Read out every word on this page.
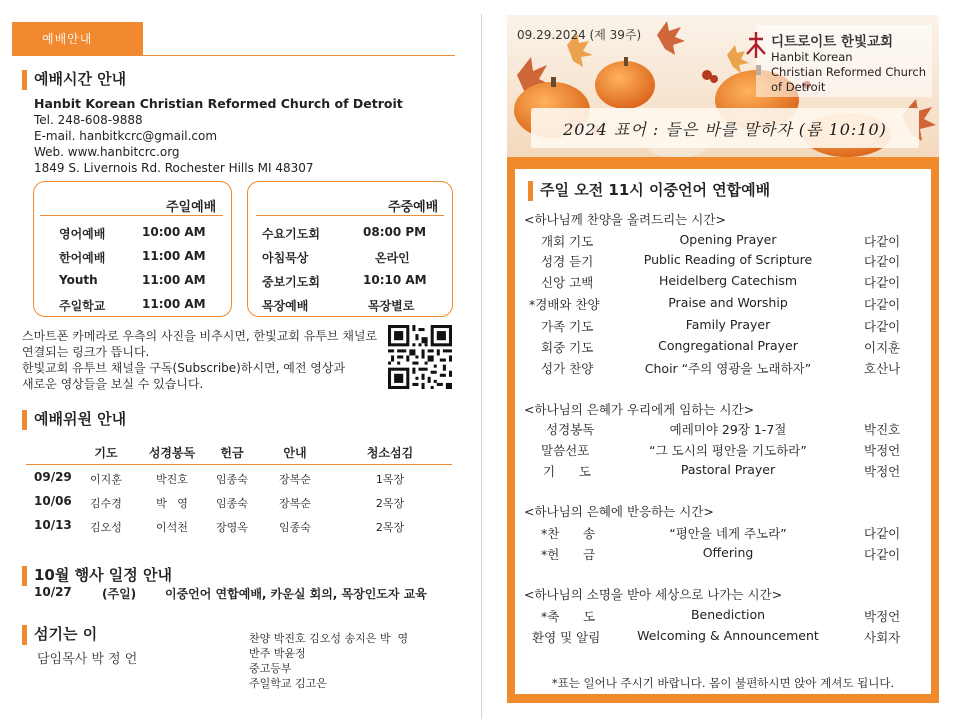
예배안내
예배시간 안내
Hanbit Korean Christian Reformed Church of Detroit
Tel. 248-608-9888
E-mail. hanbitkcrc@gmail.com
Web. www.hanbitcrc.org
1849 S. Livernois Rd. Rochester Hills MI 48307
주일예배
영어예배	10:00 AM
한어예배	11:00 AM
Youth	11:00 AM
주일학교	11:00 AM
주중예배
수요기도회	08:00 PM
아침묵상	온라인
중보기도회	10:10 AM
목장예배	목장별로
스마트폰 카메라로 우측의 사진을 비추시면, 한빛교회 유투브 채널로
연결되는 링크가 뜹니다.
한빛교회 유투브 채널을 구독(Subscribe)하시면, 예전 영상과
새로운 영상들을 보실 수 있습니다.
예배위원 안내
기도	성경봉독	헌금	안내	청소섬김
09/29	이지훈	박진호	임종숙	장복순	1목장
10/06	김수경	박   영	임종숙	장복순	2목장
10/13	김오성	이석천	장영옥	임종숙	2목장
10월 행사 일정 안내
10/27	(주일) 이중언어 연합예배, 카운실 회의, 목장인도자 교육
섬기는 이
담임목사 박 정 언
찬양 박진호 김오성 송지은 박  영
반주 박윤정
중고등부
주일학교 김고은
09.29.2024 (제 39주)	디트로이트 한빛교회
Hanbit Korean
Christian Reformed Church
of Detroit
2024 표어 : 들은 바를 말하자 (롬 10:10)
주일 오전 11시 이중언어 연합예배
<하나님께 찬양을 올려드리는 시간>
개회 기도	Opening Prayer	다같이
성경 듣기	Public Reading of Scripture	다같이
신앙 고백	Heidelberg Catechism	다같이
*경배와 찬양	Praise and Worship	다같이
가족 기도	Family Prayer	다같이
회중 기도	Congregational Prayer	이지훈
성가 찬양	Choir “주의 영광을 노래하자”	호산나
<하나님의 은혜가 우리에게 임하는 시간>
성경봉독	예레미야 29장 1-7절	박진호
말씀선포	“그 도시의 평안을 기도하라”	박정언
기      도	Pastoral Prayer	박정언
<하나님의 은혜에 반응하는 시간>
*찬      송	“평안을 네게 주노라”	다같이
*헌      금	Offering	다같이
<하나님의 소명을 받아 세상으로 나가는 시간>
*축      도	Benediction	박정언
환영 및 알림	Welcoming & Announcement	사회자
*표는 일어나 주시기 바랍니다. 몸이 불편하시면 앉아 계셔도 됩니다.
